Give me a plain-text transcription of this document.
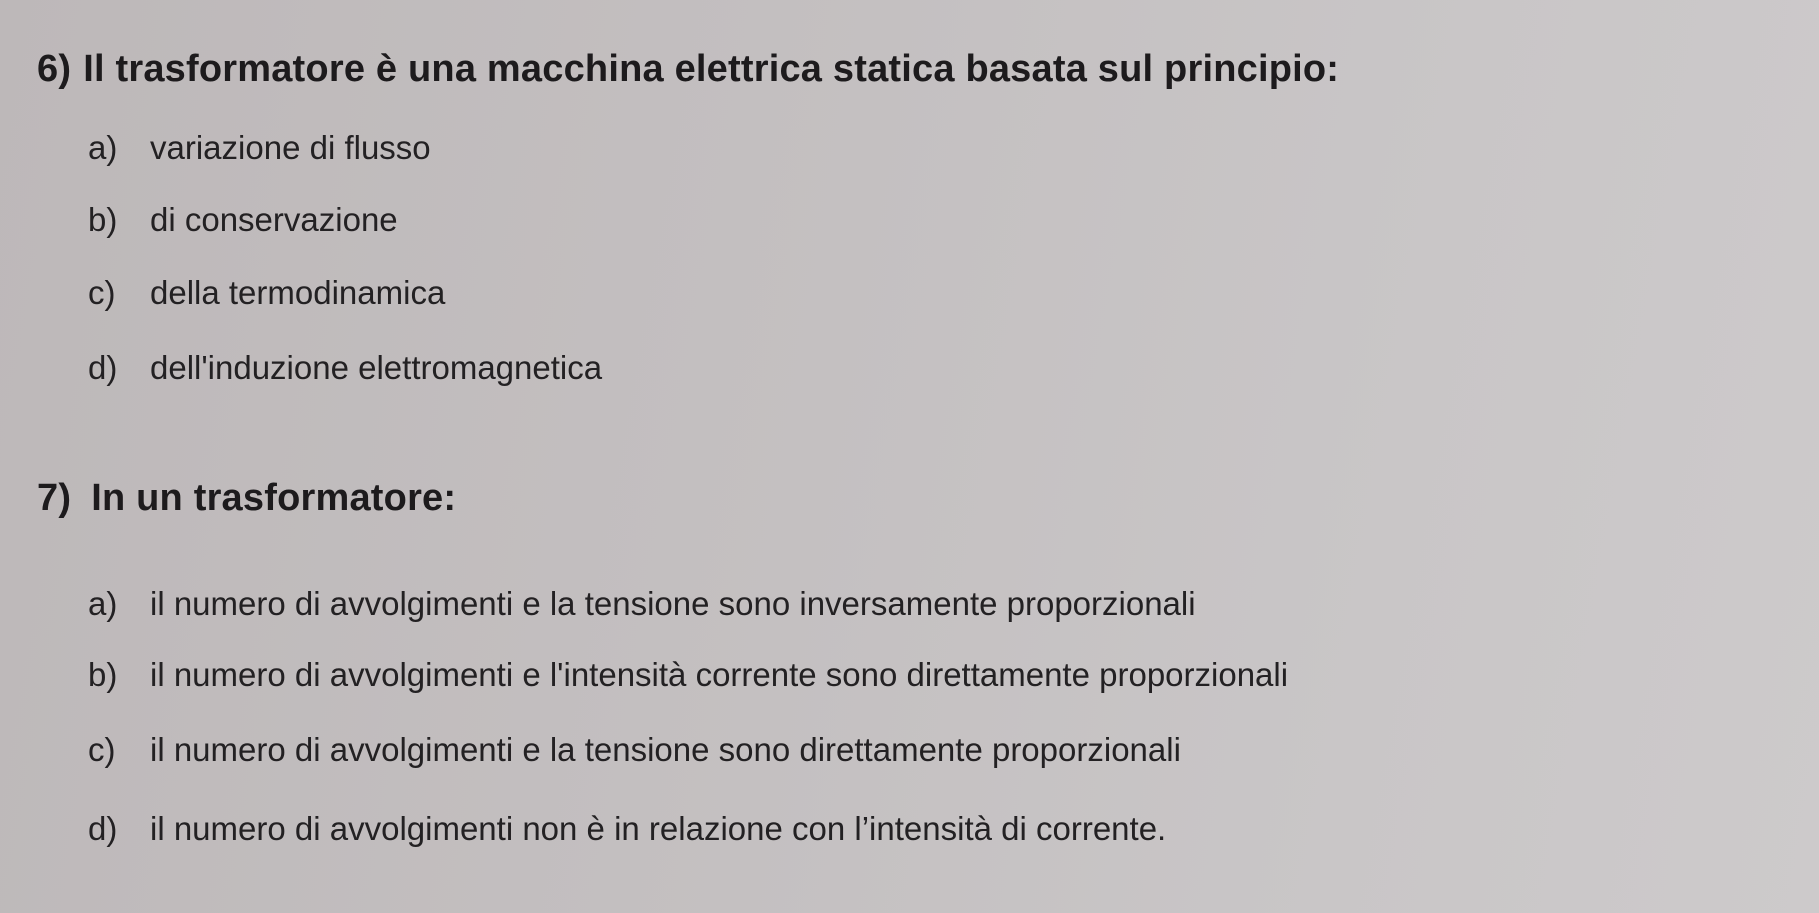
6) Il trasformatore è una macchina elettrica statica basata sul principio:
a) variazione di flusso
b) di conservazione
c) della termodinamica
d) dell'induzione elettromagnetica
7) In un trasformatore:
a) il numero di avvolgimenti e la tensione sono inversamente proporzionali
b) il numero di avvolgimenti e l'intensità corrente sono direttamente proporzionali
c) il numero di avvolgimenti e la tensione sono direttamente proporzionali
d) il numero di avvolgimenti non è in relazione con l’intensità di corrente.
